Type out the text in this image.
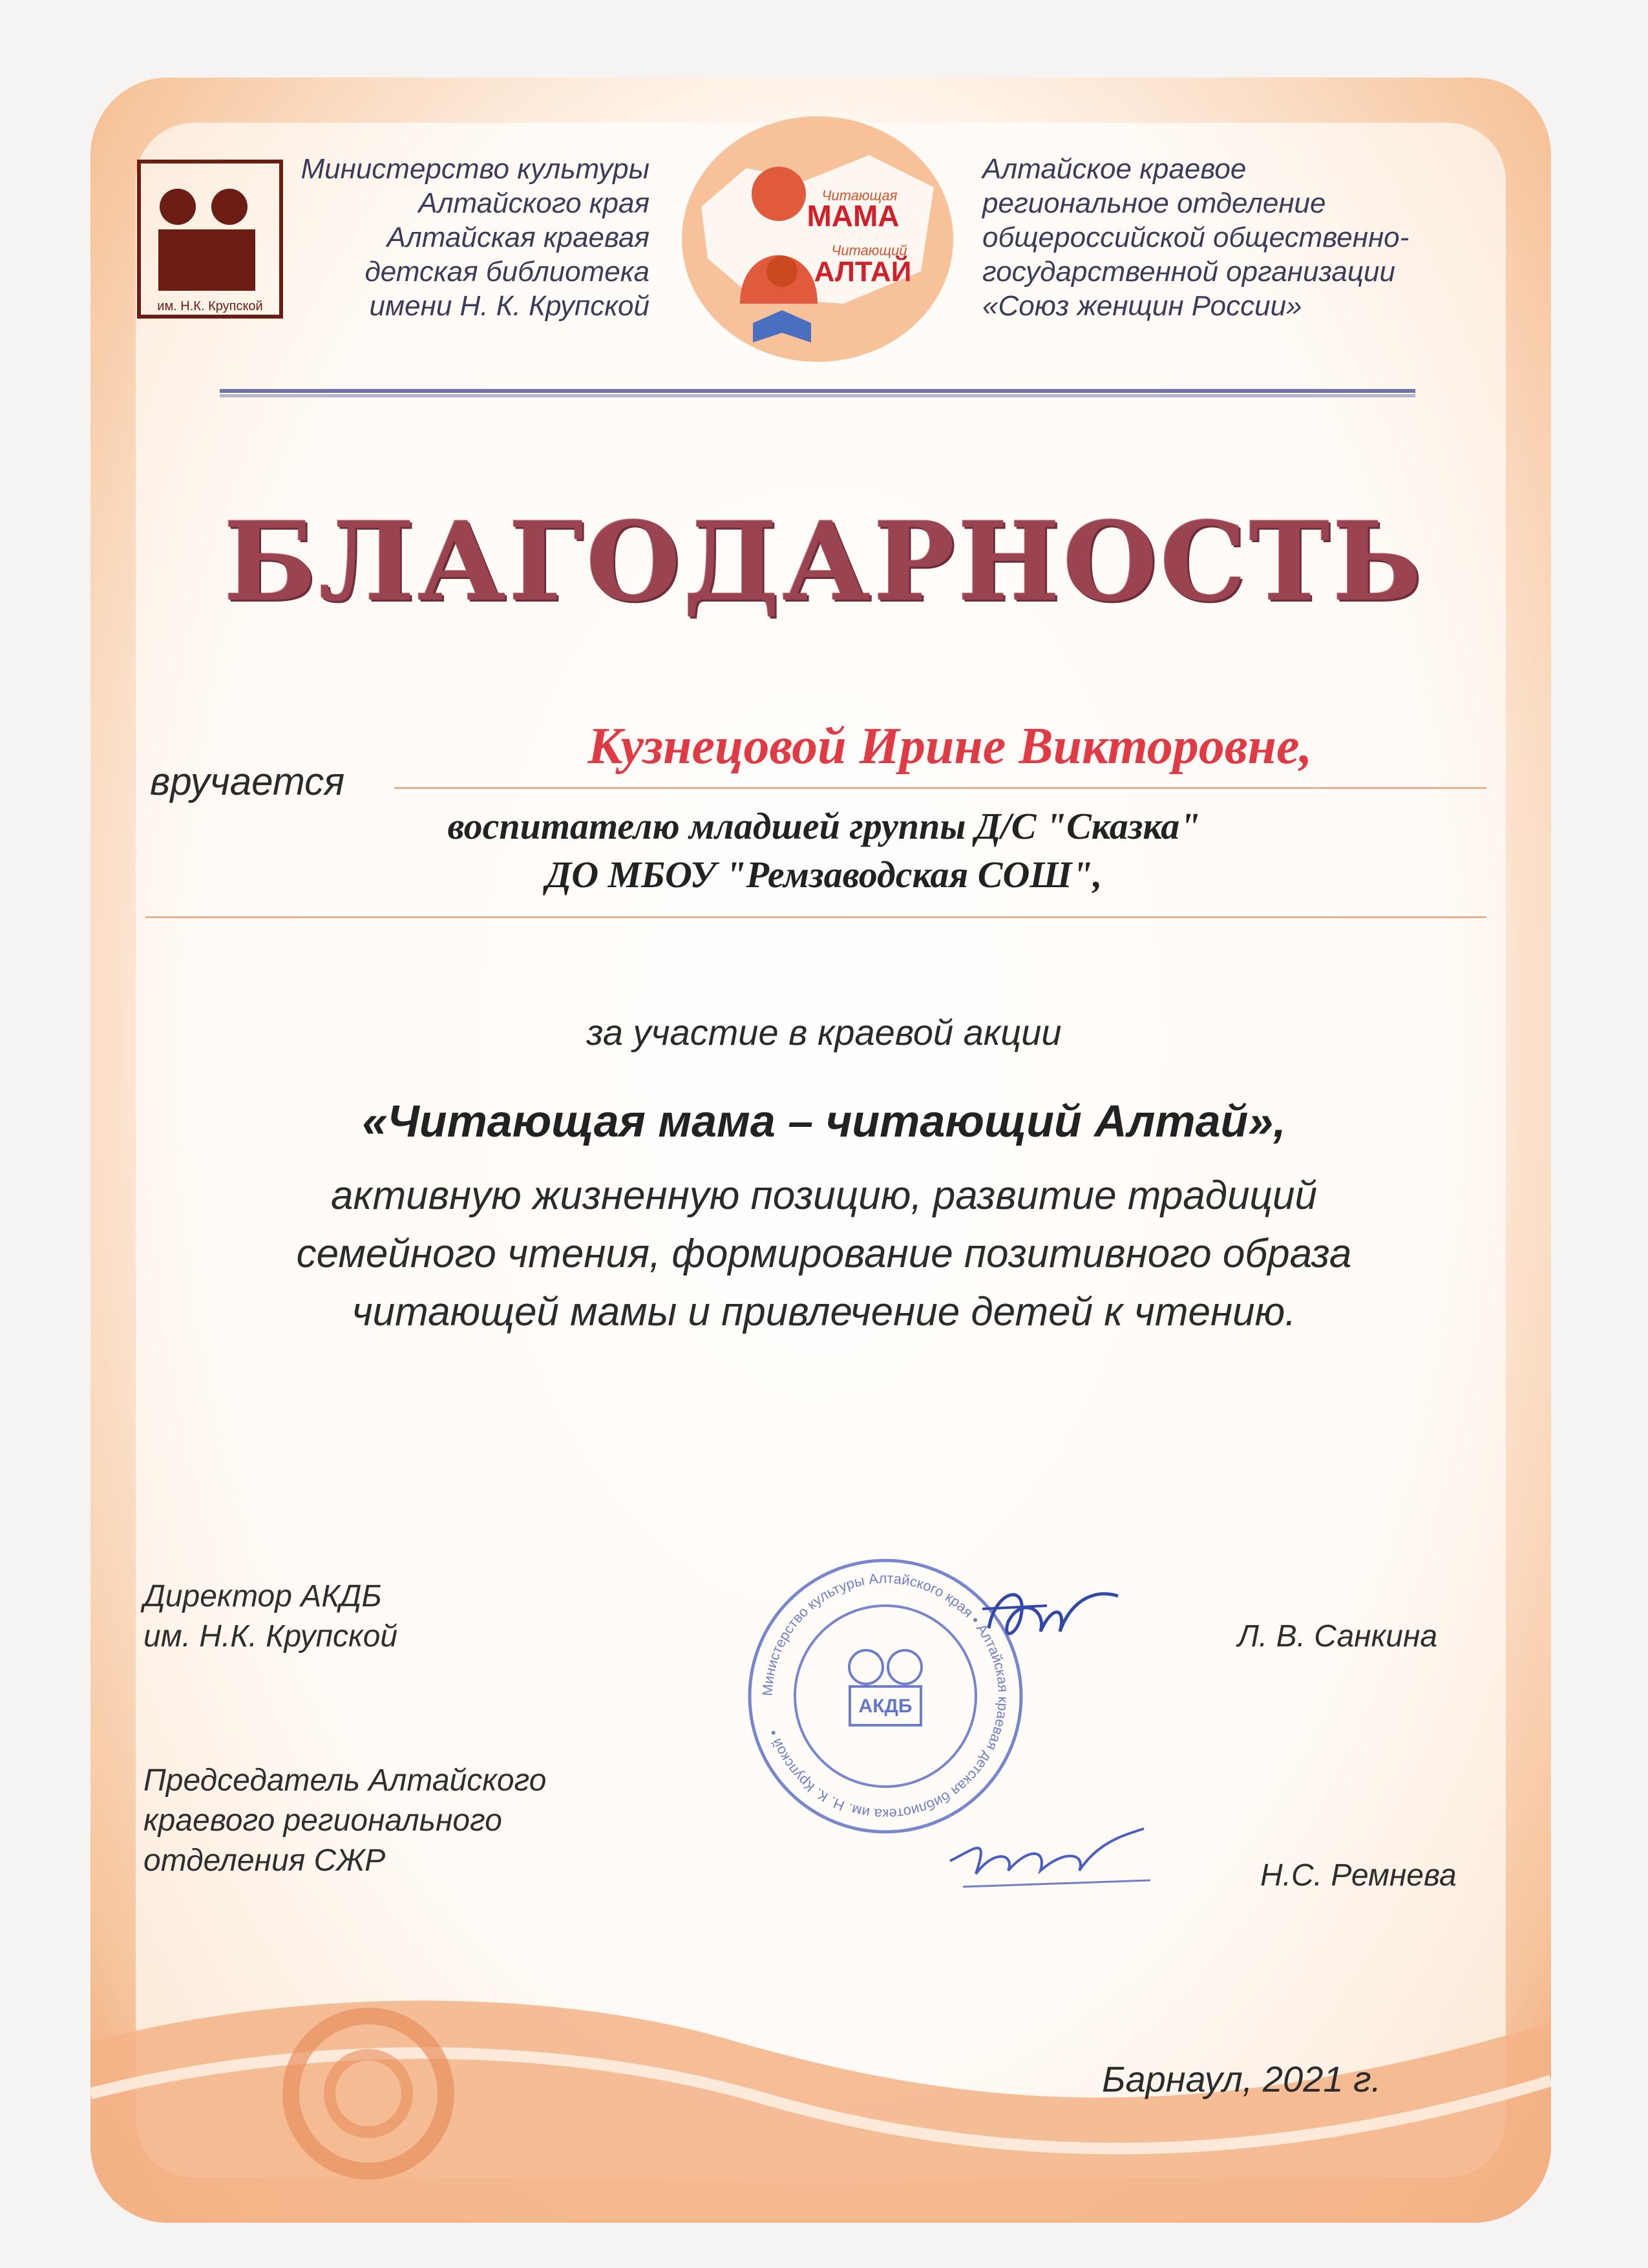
им. Н.К. Крупской
Министерство культуры
Алтайского края
Алтайская краевая
детская библиотека
имени Н. К. Крупской
Читающая
МАМА
Читающий
АЛТАЙ
Алтайское краевое
региональное отделение
общероссийской общественно-
государственной организации
«Союз женщин России»
БЛАГОДАРНОСТЬ
вручается
Кузнецовой Ирине Викторовне,
воспитателю младшей группы Д/С "Сказка"
ДО МБОУ "Ремзаводская СОШ",
за участие в краевой акции
«Читающая мама – читающий Алтай»,
активную жизненную позицию, развитие традиций
семейного чтения, формирование позитивного образа
читающей мамы и привлечение детей к чтению.
Директор АКДБ
им. Н.К. Крупской	Л. В. Санкина
Председатель Алтайского
краевого регионального
отделения СЖР	Н.С. Ремнева
Министерство культуры Алтайского края • Алтайская краевая детская библиотека им. Н. К. Крупской •
АКДБ
Барнаул, 2021 г.
